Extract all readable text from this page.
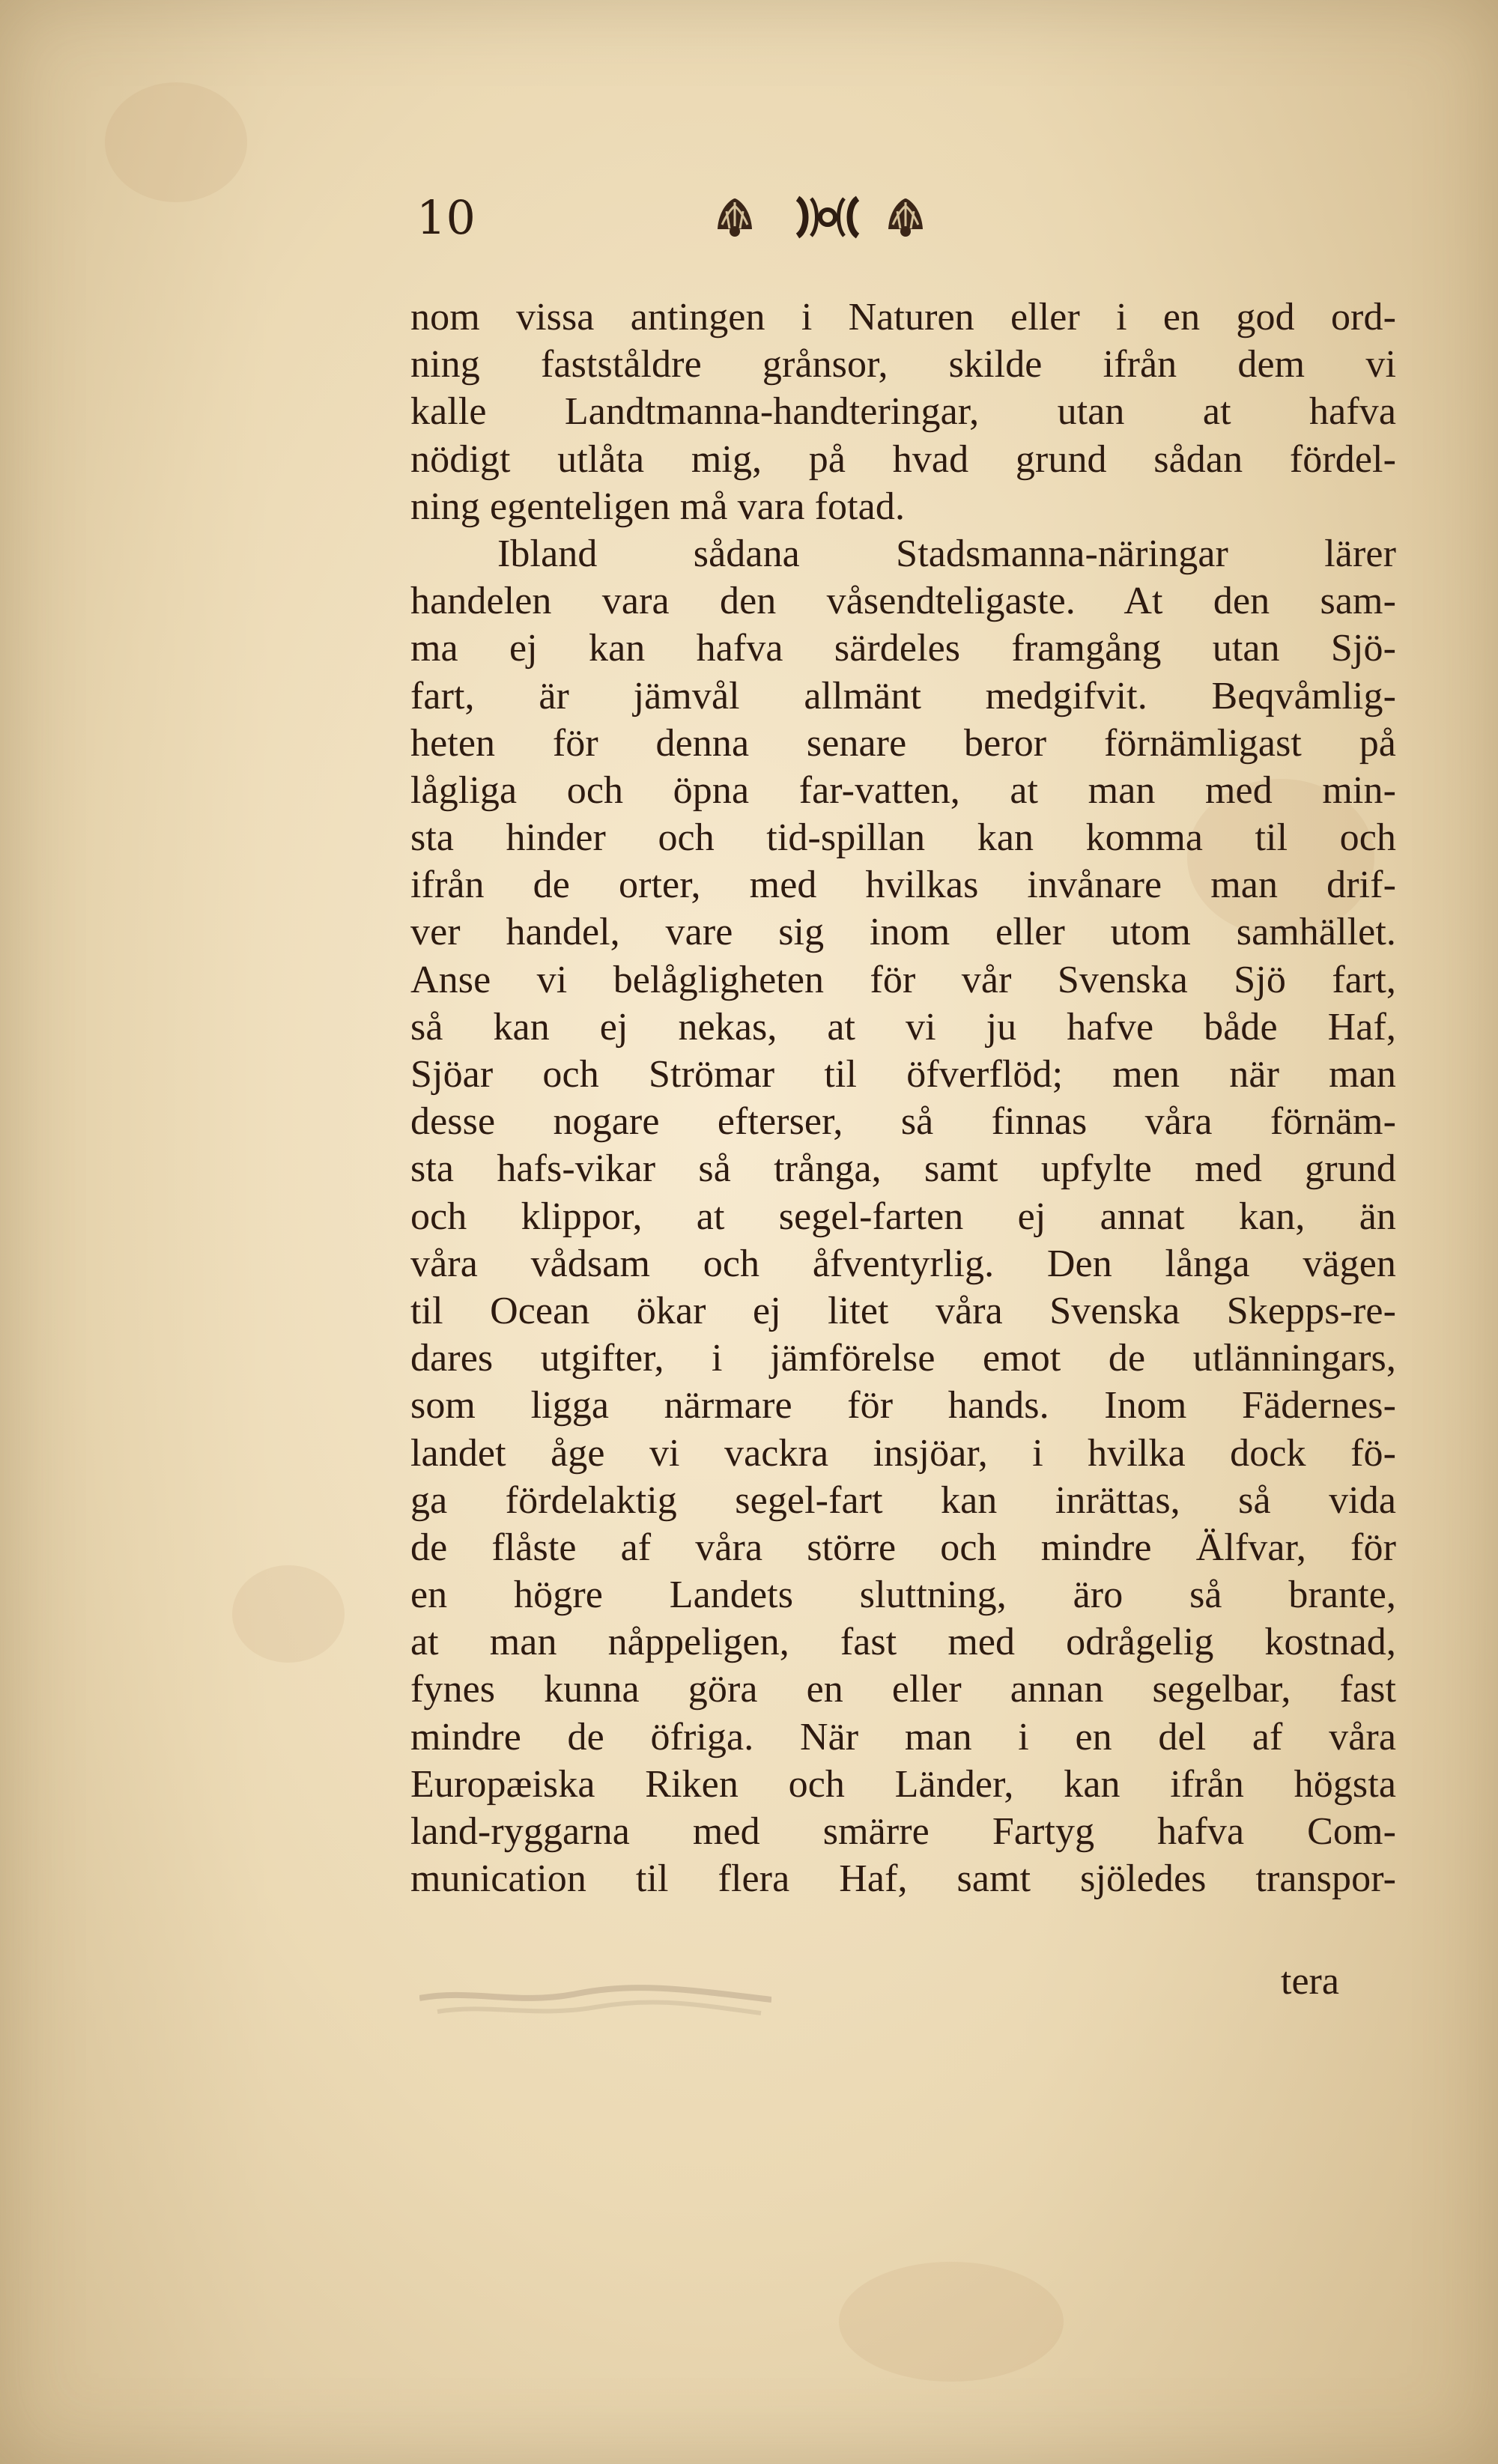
10
nom vissa antingen i Naturen eller i en god ord-
ning fastståldre grånsor, skilde ifrån dem vi
kalle Landtmanna-handteringar, utan at hafva
nödigt utlåta mig, på hvad grund sådan fördel-
ning egenteligen må vara fotad.
Ibland sådana Stadsmanna-näringar lärer
handelen vara den våsendteligaste. At den sam-
ma ej kan hafva särdeles framgång utan Sjö-
fart, är jämvål allmänt medgifvit. Beqvåmlig-
heten för denna senare beror förnämligast på
lågliga och öpna far-vatten, at man med min-
sta hinder och tid-spillan kan komma til och
ifrån de orter, med hvilkas invånare man drif-
ver handel, vare sig inom eller utom samhället.
Anse vi belågligheten för vår Svenska Sjö fart,
så kan ej nekas, at vi ju hafve både Haf,
Sjöar och Strömar til öfverflöd; men när man
desse nogare efterser, så finnas våra förnäm-
sta hafs-vikar så trånga, samt upfylte med grund
och klippor, at segel-farten ej annat kan, än
våra vådsam och åfventyrlig. Den långa vägen
til Ocean ökar ej litet våra Svenska Skepps-re-
dares utgifter, i jämförelse emot de utlänningars,
som ligga närmare för hands. Inom Fädernes-
landet åge vi vackra insjöar, i hvilka dock fö-
ga fördelaktig segel-fart kan inrättas, så vida
de flåste af våra större och mindre Älfvar, för
en högre Landets sluttning, äro så brante,
at man nåppeligen, fast med odrågelig kostnad,
fynes kunna göra en eller annan segelbar, fast
mindre de öfriga. När man i en del af våra
Europæiska Riken och Länder, kan ifrån högsta
land-ryggarna med smärre Fartyg hafva Com-
munication til flera Haf, samt sjöledes transpor-
tera
